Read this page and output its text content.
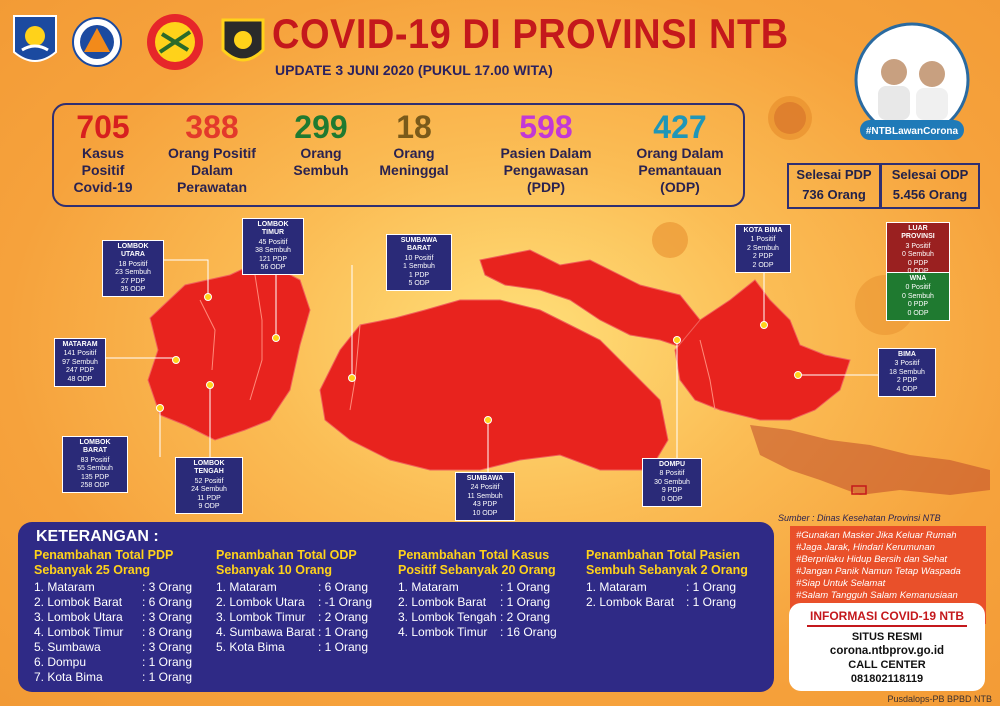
COVID-19 DI PROVINSI NTB
UPDATE 3 JUNI 2020 (PUKUL 17.00 WITA)
#NTBLawanCorona
705
Kasus
Positif
Covid-19
388
Orang Positif
Dalam
Perawatan
299
Orang
Sembuh
18
Orang
Meninggal
598
Pasien Dalam
Pengawasan
(PDP)
427
Orang Dalam
Pemantauan
(ODP)
Selesai PDP
736 Orang
Selesai ODP
5.456 Orang
LOMBOK UTARA
18 Positif
23 Sembuh
27 PDP
35 ODP
LOMBOK TIMUR
45 Positif
38 Sembuh
121 PDP
56 ODP
MATARAM
141 Positif
97 Sembuh
247 PDP
48 ODP
LOMBOK BARAT
83 Positif
55 Sembuh
135 PDP
258 ODP
LOMBOK TENGAH
52 Positif
24 Sembuh
11 PDP
9 ODP
SUMBAWA BARAT
10 Positif
1 Sembuh
1 PDP
5 ODP
SUMBAWA
24 Positif
11 Sembuh
43 PDP
10 ODP
DOMPU
8 Positif
30 Sembuh
9 PDP
0 ODP
KOTA BIMA
1 Positif
2 Sembuh
2 PDP
2 ODP
BIMA
3 Positif
18 Sembuh
2 PDP
4 ODP
LUAR PROVINSI
3 Positif
0 Sembuh
0 PDP
WNA
0 Positif
0 Sembuh
0 PDP
0 ODP
KETERANGAN :
Penambahan Total PDP
Sebanyak 25 Orang
1. Mataram	: 3 Orang
2. Lombok Barat : 6 Orang
3. Lombok Utara : 3 Orang
4. Lombok Timur : 8 Orang
5. Sumbawa	: 3 Orang
6. Dompu	: 1 Orang
7. Kota Bima	: 1 Orang
Penambahan Total ODP
Sebanyak 10 Orang
1. Mataram	: 6 Orang
2. Lombok Utara : -1 Orang
3. Lombok Timur : 2 Orang
4. Sumbawa Barat : 1 Orang
5. Kota Bima	: 1 Orang
Penambahan Total Kasus
Positif Sebanyak 20 Orang
1. Mataram	: 1 Orang
2. Lombok Barat : 1 Orang
3. Lombok Tengah : 2 Orang
4. Lombok Timur : 16 Orang
Penambahan Total Pasien
Sembuh Sebanyak 2 Orang
1. Mataram	: 1 Orang
2. Lombok Barat : 1 Orang
Sumber : Dinas Kesehatan Provinsi NTB
#Gunakan Masker Jika Keluar Rumah
#Jaga Jarak, Hindari Kerumunan
#Berprilaku Hidup Bersih dan Sehat
#Jangan Panik Namun Tetap Waspada
#Siap Untuk Selamat
#Salam Tangguh Salam Kemanusiaan
INFORMASI COVID-19 NTB
SITUS RESMI
corona.ntbprov.go.id
CALL CENTER
081802118119
Pusdalops-PB BPBD NTB
